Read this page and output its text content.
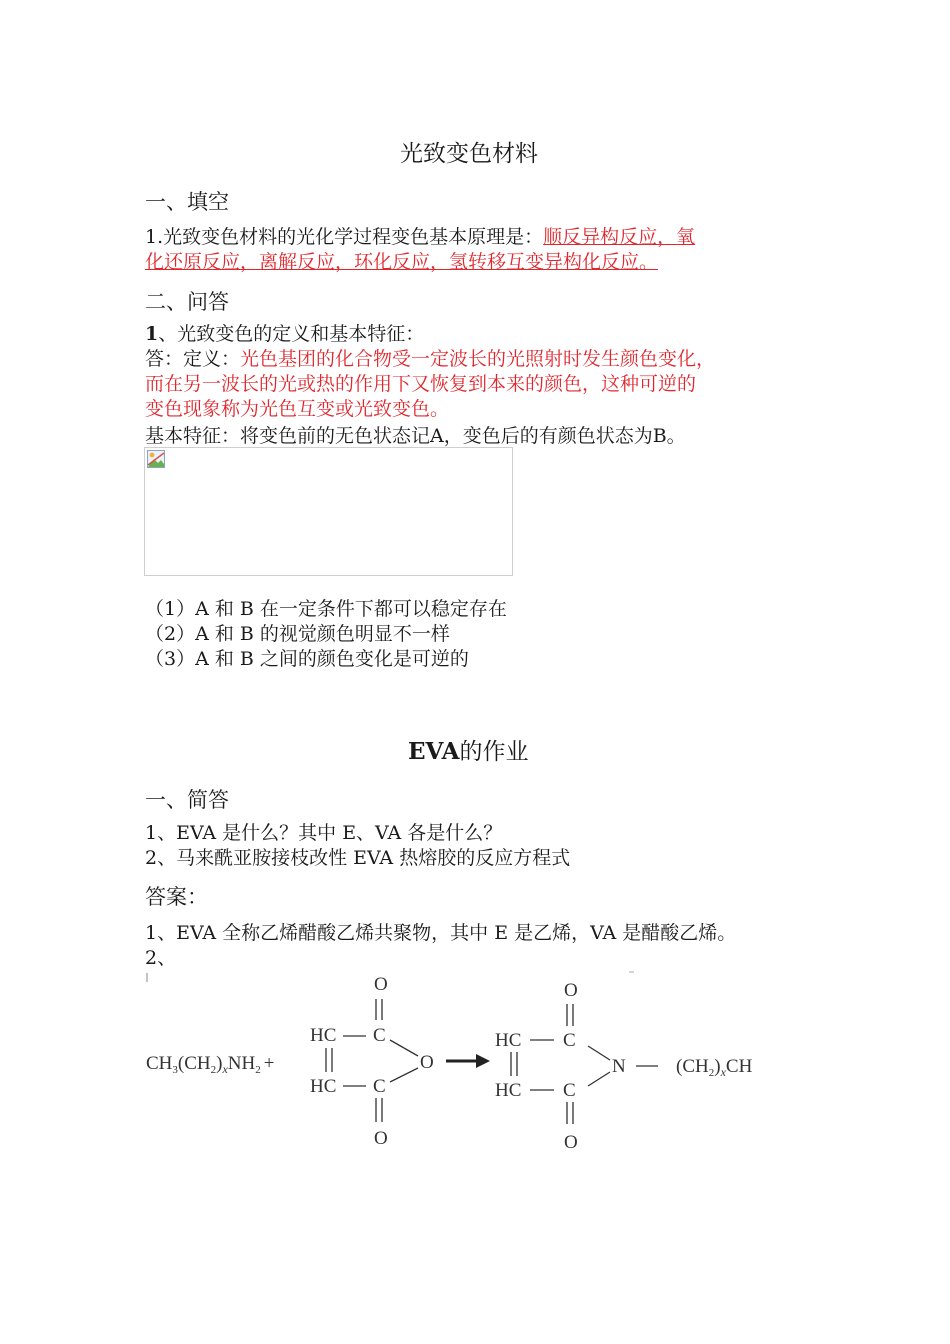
光致变色材料
一、填空
1.光致变色材料的光化学过程变色基本原理是：顺反异构反应，氧
化还原反应，离解反应，环化反应，氢转移互变异构化反应。
二、问答
1、光致变色的定义和基本特征：
答：定义：光色基团的化合物受一定波长的光照射时发生颜色变化，
而在另一波长的光或热的作用下又恢复到本来的颜色，这种可逆的
变色现象称为光色互变或光致变色。
基本特征：将变色前的无色状态记A，变色后的有颜色状态为B。
（1）A 和 B 在一定条件下都可以稳定存在
（2）A 和 B 的视觉颜色明显不一样
（3）A 和 B 之间的颜色变化是可逆的
EVA的作业
一、简答
1、EVA 是什么？其中 E、VA 各是什么？
2、马来酰亚胺接枝改性 EVA 热熔胶的反应方程式
答案：
1、EVA 全称乙烯醋酸乙烯共聚物，其中 E 是乙烯，VA 是醋酸乙烯。
2、
$CH_3(CH_2)_xNH_2$ +
O
HC C
O
HC C
O
O
HC C
N	$(CH_2)_xCH$
HC C
O
